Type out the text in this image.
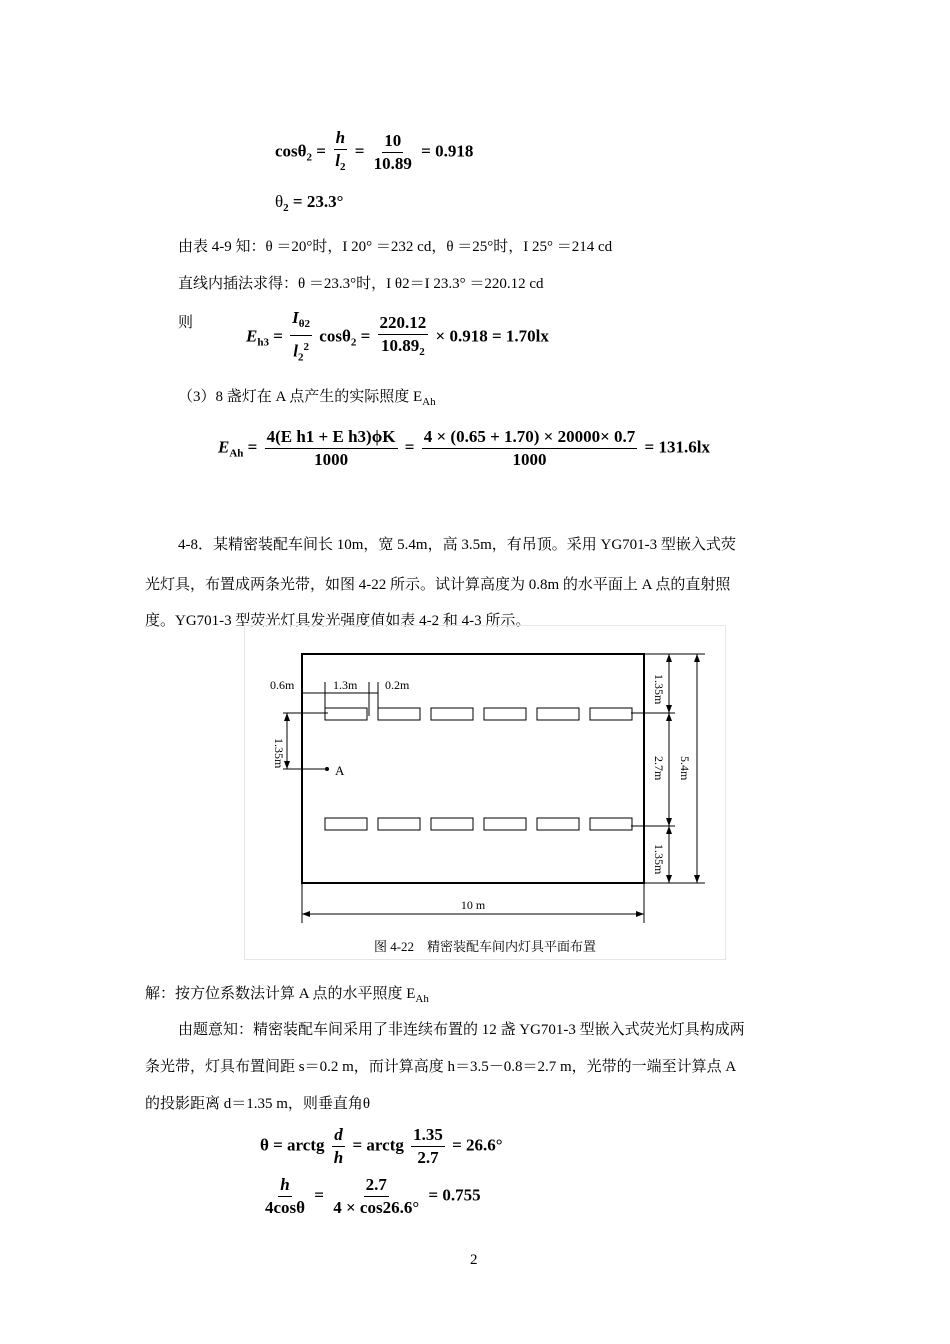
$\cos\theta_2 = \frac{h}{l_2} = \frac{10}{10.89} = 0.918$
$\theta_2 = 23.3^\circ$
由表 4-9 知：θ ＝20°时，I 20° ＝232 cd，θ ＝25°时，I 25° ＝214 cd
直线内插法求得：θ ＝23.3°时，I θ2＝I 23.3° ＝220.12 cd
则
$E_{h3} = \frac{I_{\theta 2}}{l_2^2} \cos\theta_2 = \frac{220.12}{10.89_2} \times 0.918 = 1.70lx$
（3）8 盏灯在 A 点产生的实际照度 $E_{Ah}$
$E_{Ah} = \frac{\text{4(E h1 + E h3)ϕK}}{1000} = \frac{4 \times (0.65 + 1.70) \times 20000\times 0.7}{1000} = 131.6lx$
4-8．某精密装配车间长 10m，宽 5.4m，高 3.5m，有吊顶。采用 YG701-3 型嵌入式荧
光灯具，布置成两条光带，如图 4-22 所示。试计算高度为 0.8m 的水平面上 A 点的直射照
度。YG701-3 型荧光灯具发光强度值如表 4-2 和 4-3 所示。
0.6m	1.3m 0.2m
1.35m
A
1.35m
2.7m
1.35m
5.4m
10 m
图 4-22　精密装配车间内灯具平面布置
解：按方位系数法计算 A 点的水平照度 $E_{Ah}$
由题意知：精密装配车间采用了非连续布置的 12 盏 YG701-3 型嵌入式荧光灯具构成两
条光带，灯具布置间距 s＝0.2 m，而计算高度 h＝3.5－0.8＝2.7 m，光带的一端至计算点 A
的投影距离 d＝1.35 m，则垂直角θ
θ = arctg $\frac{d}{h}$ = arctg $\frac{1.35}{2.7} = 26.6^\circ$
$\frac{h}{4\cos\theta} = \frac{2.7}{4 \times \cos 26.6^\circ} = 0.755$
2
